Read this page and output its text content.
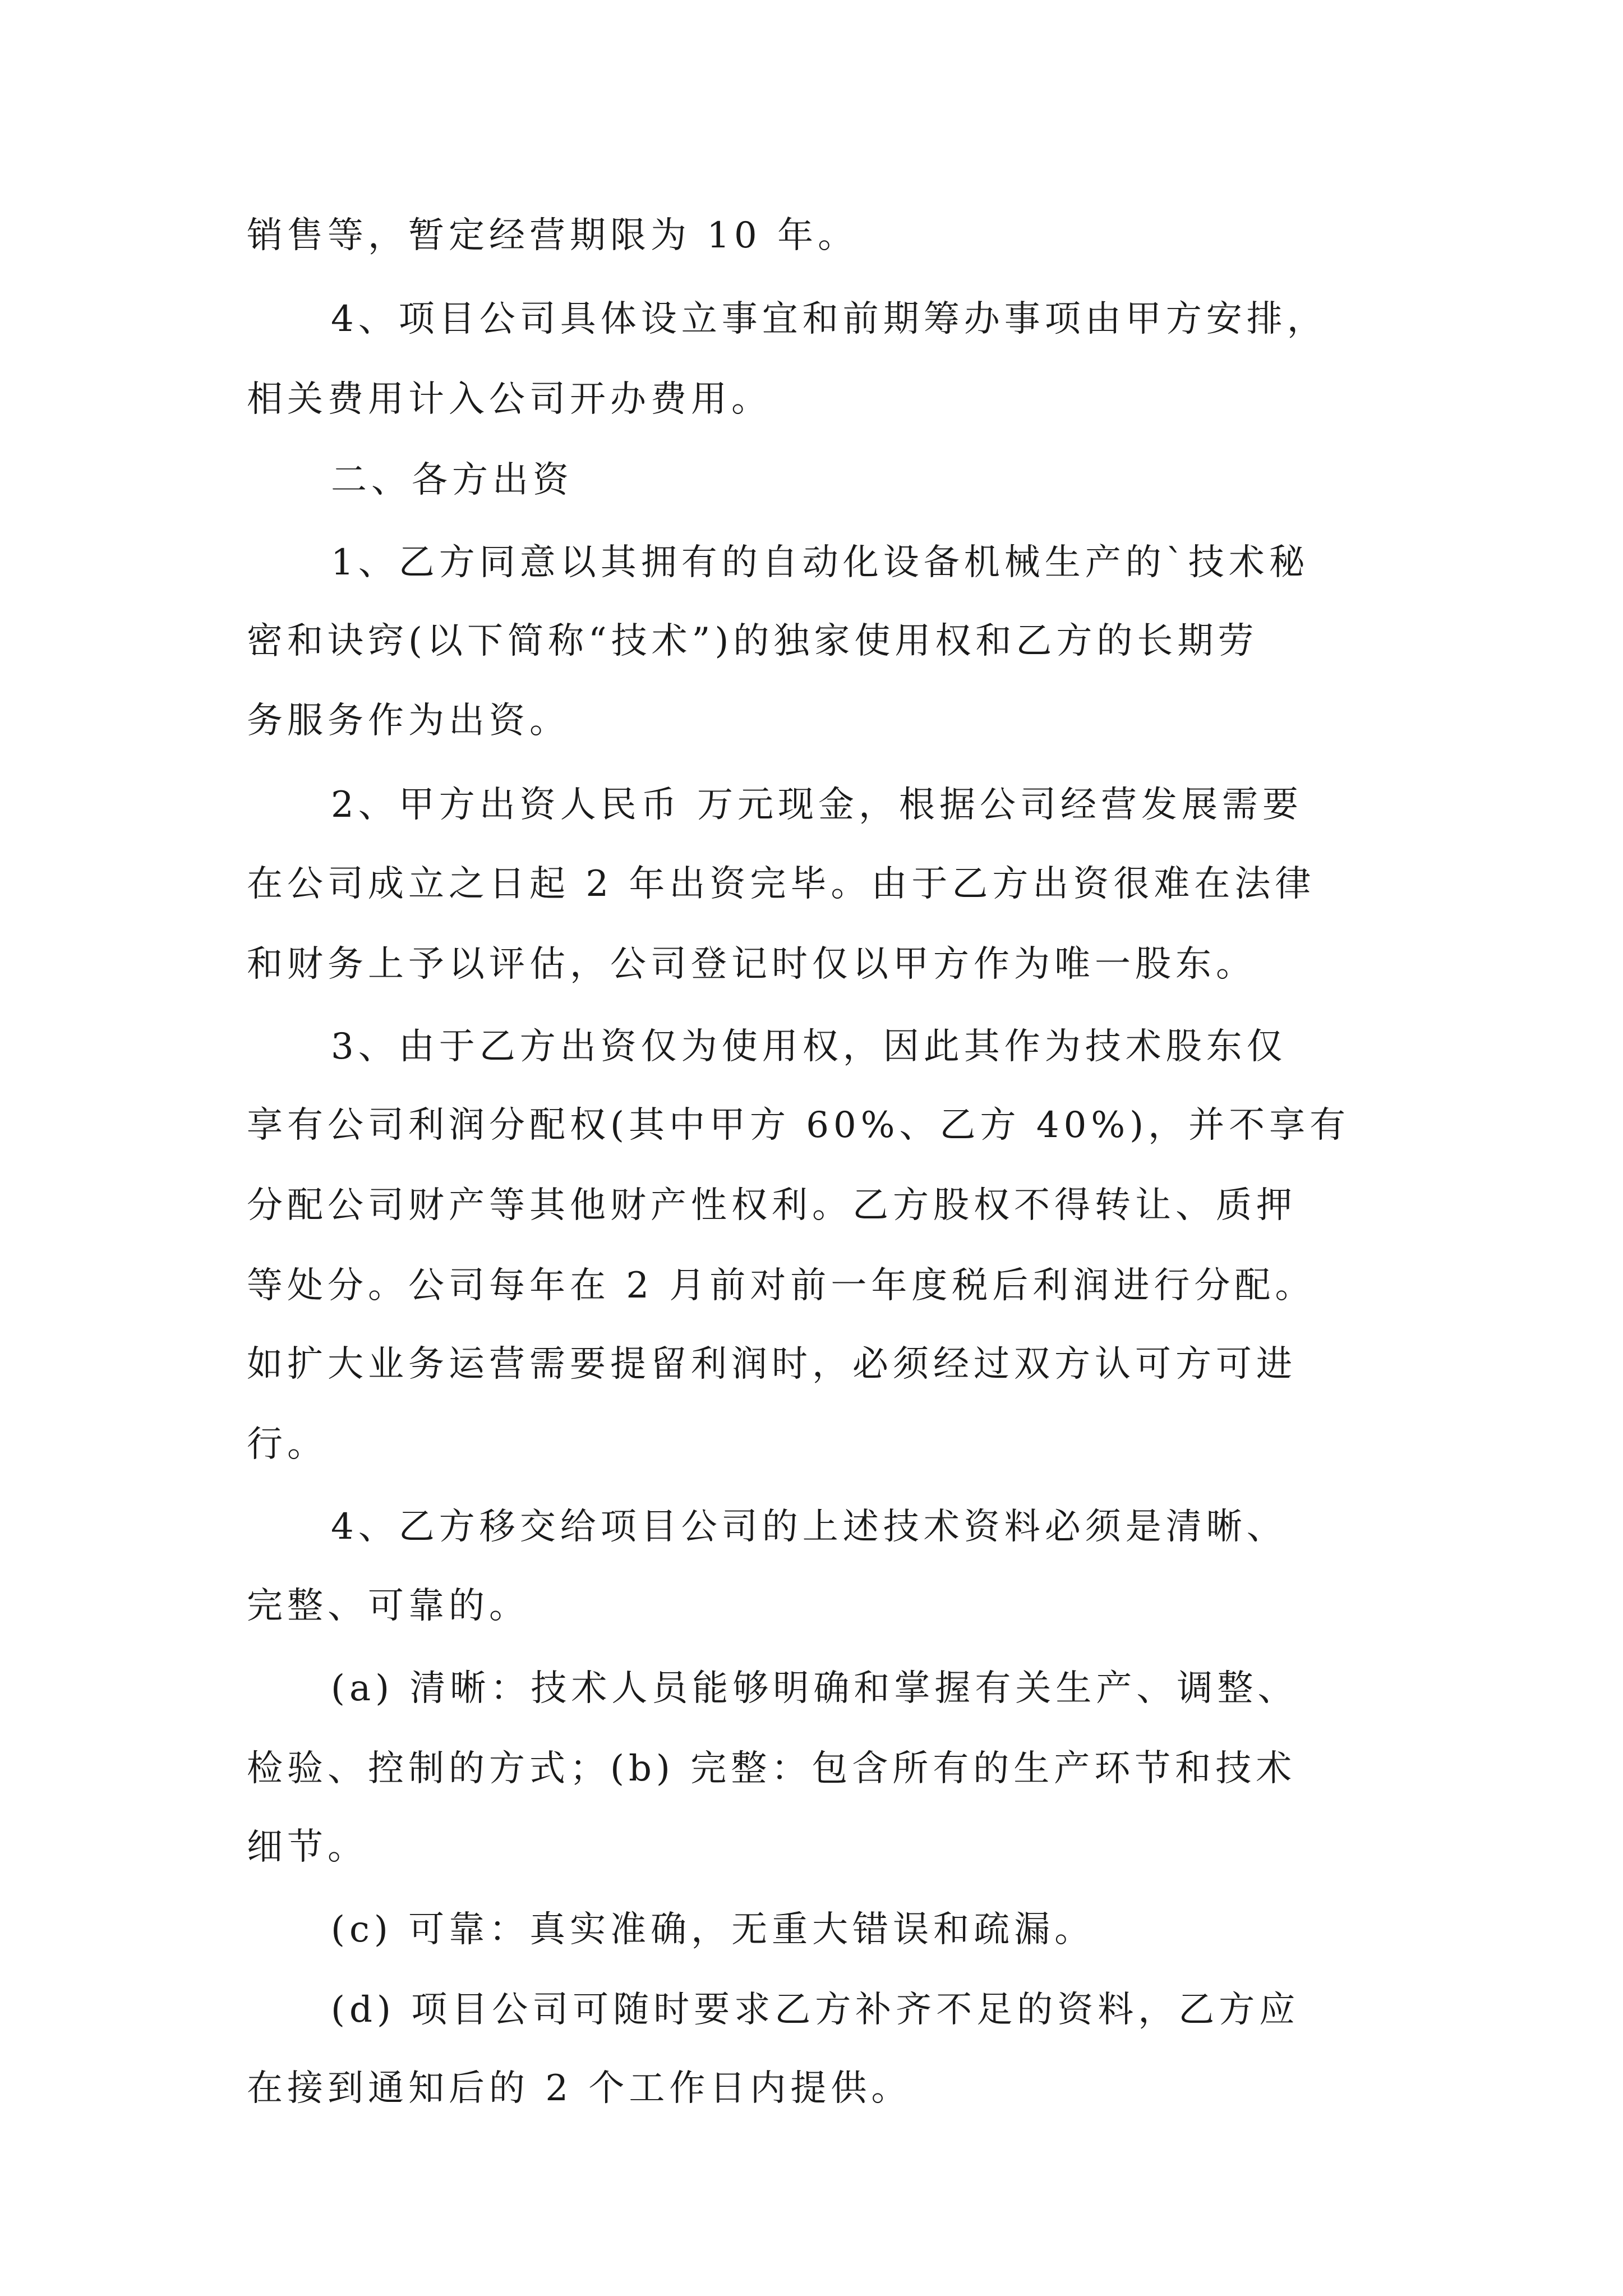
销售等，暂定经营期限为 10 年。
4、项目公司具体设立事宜和前期筹办事项由甲方安排，
相关费用计入公司开办费用。
二、各方出资
1、乙方同意以其拥有的自动化设备机械生产的`技术秘
密和诀窍(以下简称“技术”)的独家使用权和乙方的长期劳
务服务作为出资。
2、甲方出资人民币 万元现金，根据公司经营发展需要
在公司成立之日起 2 年出资完毕。由于乙方出资很难在法律
和财务上予以评估，公司登记时仅以甲方作为唯一股东。
3、由于乙方出资仅为使用权，因此其作为技术股东仅
享有公司利润分配权(其中甲方 60%、乙方 40%)，并不享有
分配公司财产等其他财产性权利。乙方股权不得转让、质押
等处分。公司每年在 2 月前对前一年度税后利润进行分配。
如扩大业务运营需要提留利润时，必须经过双方认可方可进
行。
4、乙方移交给项目公司的上述技术资料必须是清晰、
完整、可靠的。
(a) 清晰：技术人员能够明确和掌握有关生产、调整、
检验、控制的方式；(b) 完整：包含所有的生产环节和技术
细节。
(c) 可靠：真实准确，无重大错误和疏漏。
(d) 项目公司可随时要求乙方补齐不足的资料，乙方应
在接到通知后的 2 个工作日内提供。
